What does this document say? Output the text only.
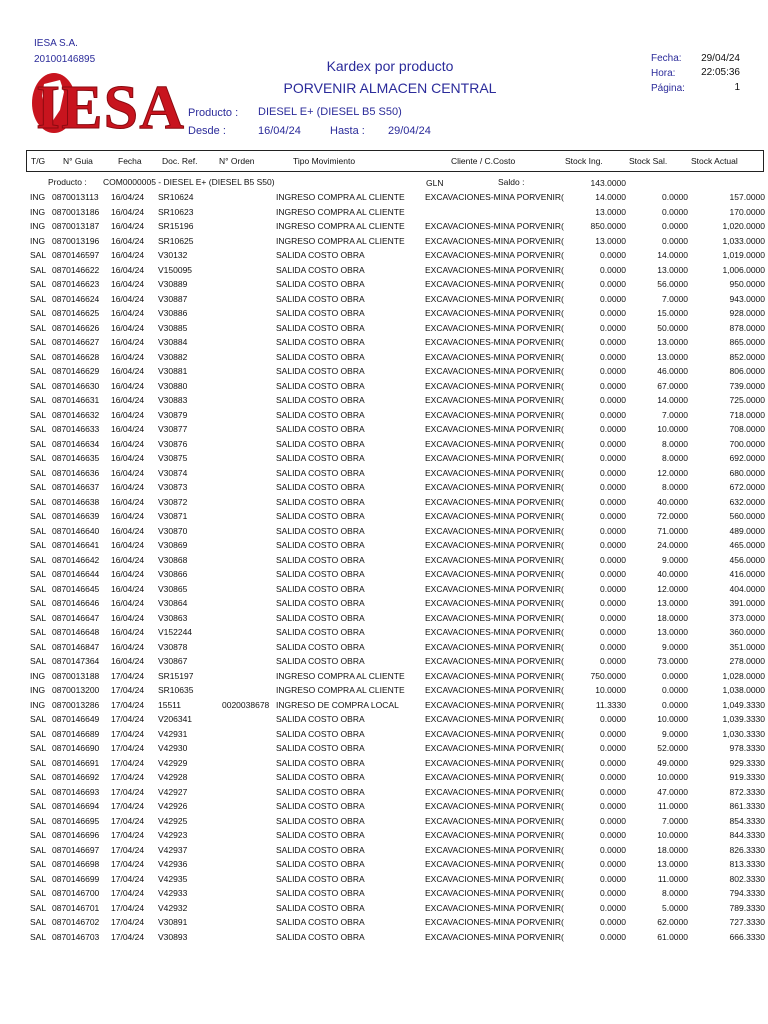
IESA S.A.
20100146895
IESA
Kardex por producto
PORVENIR ALMACEN CENTRAL
Producto : DIESEL E+ (DIESEL B5 S50)
Desde :	16/04/24	Hasta : 29/04/24
Fecha:	29/04/24
Hora:	22:05:36
Página:	1
T/G N° Guia	Fecha Doc. Ref.	N° Orden	Tipo Movimiento	Cliente / C.Costo	Stock Ing.	Stock Sal.	Stock Actual
Producto : COM0000005 - DIESEL E+ (DIESEL B5 S50)	GLN	Saldo :	143.0000
ING 0870013113 16/04/24 SR10624	INGRESO COMPRA AL CLIENTE EXCAVACIONES-MINA PORVENIR(	14.0000	0.0000	157.0000
ING 0870013186 16/04/24 SR10623	INGRESO COMPRA AL CLIENTE	13.0000	0.0000	170.0000
ING 0870013187 16/04/24 SR15196	INGRESO COMPRA AL CLIENTE EXCAVACIONES-MINA PORVENIR(	850.0000	0.0000	1,020.0000
ING 0870013196 16/04/24 SR10625	INGRESO COMPRA AL CLIENTE EXCAVACIONES-MINA PORVENIR(	13.0000	0.0000	1,033.0000
SAL 0870146597 16/04/24 V30132	SALIDA COSTO OBRA	EXCAVACIONES-MINA PORVENIR(	0.0000	14.0000	1,019.0000
SAL 0870146622 16/04/24 V150095	SALIDA COSTO OBRA	EXCAVACIONES-MINA PORVENIR(	0.0000	13.0000	1,006.0000
SAL 0870146623 16/04/24 V30889	SALIDA COSTO OBRA	EXCAVACIONES-MINA PORVENIR(	0.0000	56.0000	950.0000
SAL 0870146624 16/04/24 V30887	SALIDA COSTO OBRA	EXCAVACIONES-MINA PORVENIR(	0.0000	7.0000	943.0000
SAL 0870146625 16/04/24 V30886	SALIDA COSTO OBRA	EXCAVACIONES-MINA PORVENIR(	0.0000	15.0000	928.0000
SAL 0870146626 16/04/24 V30885	SALIDA COSTO OBRA	EXCAVACIONES-MINA PORVENIR(	0.0000	50.0000	878.0000
SAL 0870146627 16/04/24 V30884	SALIDA COSTO OBRA	EXCAVACIONES-MINA PORVENIR(	0.0000	13.0000	865.0000
SAL 0870146628 16/04/24 V30882	SALIDA COSTO OBRA	EXCAVACIONES-MINA PORVENIR(	0.0000	13.0000	852.0000
SAL 0870146629 16/04/24 V30881	SALIDA COSTO OBRA	EXCAVACIONES-MINA PORVENIR(	0.0000	46.0000	806.0000
SAL 0870146630 16/04/24 V30880	SALIDA COSTO OBRA	EXCAVACIONES-MINA PORVENIR(	0.0000	67.0000	739.0000
SAL 0870146631 16/04/24 V30883	SALIDA COSTO OBRA	EXCAVACIONES-MINA PORVENIR(	0.0000	14.0000	725.0000
SAL 0870146632 16/04/24 V30879	SALIDA COSTO OBRA	EXCAVACIONES-MINA PORVENIR(	0.0000	7.0000	718.0000
SAL 0870146633 16/04/24 V30877	SALIDA COSTO OBRA	EXCAVACIONES-MINA PORVENIR(	0.0000	10.0000	708.0000
SAL 0870146634 16/04/24 V30876	SALIDA COSTO OBRA	EXCAVACIONES-MINA PORVENIR(	0.0000	8.0000	700.0000
SAL 0870146635 16/04/24 V30875	SALIDA COSTO OBRA	EXCAVACIONES-MINA PORVENIR(	0.0000	8.0000	692.0000
SAL 0870146636 16/04/24 V30874	SALIDA COSTO OBRA	EXCAVACIONES-MINA PORVENIR(	0.0000	12.0000	680.0000
SAL 0870146637 16/04/24 V30873	SALIDA COSTO OBRA	EXCAVACIONES-MINA PORVENIR(	0.0000	8.0000	672.0000
SAL 0870146638 16/04/24 V30872	SALIDA COSTO OBRA	EXCAVACIONES-MINA PORVENIR(	0.0000	40.0000	632.0000
SAL 0870146639 16/04/24 V30871	SALIDA COSTO OBRA	EXCAVACIONES-MINA PORVENIR(	0.0000	72.0000	560.0000
SAL 0870146640 16/04/24 V30870	SALIDA COSTO OBRA	EXCAVACIONES-MINA PORVENIR(	0.0000	71.0000	489.0000
SAL 0870146641 16/04/24 V30869	SALIDA COSTO OBRA	EXCAVACIONES-MINA PORVENIR(	0.0000	24.0000	465.0000
SAL 0870146642 16/04/24 V30868	SALIDA COSTO OBRA	EXCAVACIONES-MINA PORVENIR(	0.0000	9.0000	456.0000
SAL 0870146644 16/04/24 V30866	SALIDA COSTO OBRA	EXCAVACIONES-MINA PORVENIR(	0.0000	40.0000	416.0000
SAL 0870146645 16/04/24 V30865	SALIDA COSTO OBRA	EXCAVACIONES-MINA PORVENIR(	0.0000	12.0000	404.0000
SAL 0870146646 16/04/24 V30864	SALIDA COSTO OBRA	EXCAVACIONES-MINA PORVENIR(	0.0000	13.0000	391.0000
SAL 0870146647 16/04/24 V30863	SALIDA COSTO OBRA	EXCAVACIONES-MINA PORVENIR(	0.0000	18.0000	373.0000
SAL 0870146648 16/04/24 V152244	SALIDA COSTO OBRA	EXCAVACIONES-MINA PORVENIR(	0.0000	13.0000	360.0000
SAL 0870146847 16/04/24 V30878	SALIDA COSTO OBRA	EXCAVACIONES-MINA PORVENIR(	0.0000	9.0000	351.0000
SAL 0870147364 16/04/24 V30867	SALIDA COSTO OBRA	EXCAVACIONES-MINA PORVENIR(	0.0000	73.0000	278.0000
ING 0870013188 17/04/24 SR15197	INGRESO COMPRA AL CLIENTE EXCAVACIONES-MINA PORVENIR(	750.0000	0.0000	1,028.0000
ING 0870013200 17/04/24 SR10635	INGRESO COMPRA AL CLIENTE EXCAVACIONES-MINA PORVENIR(	10.0000	0.0000	1,038.0000
ING 0870013286 17/04/24 15511	0020038678 INGRESO DE COMPRA LOCAL	EXCAVACIONES-MINA PORVENIR(	11.3330	0.0000	1,049.3330
SAL 0870146649 17/04/24 V206341	SALIDA COSTO OBRA	EXCAVACIONES-MINA PORVENIR(	0.0000	10.0000	1,039.3330
SAL 0870146689 17/04/24 V42931	SALIDA COSTO OBRA	EXCAVACIONES-MINA PORVENIR(	0.0000	9.0000	1,030.3330
SAL 0870146690 17/04/24 V42930	SALIDA COSTO OBRA	EXCAVACIONES-MINA PORVENIR(	0.0000	52.0000	978.3330
SAL 0870146691 17/04/24 V42929	SALIDA COSTO OBRA	EXCAVACIONES-MINA PORVENIR(	0.0000	49.0000	929.3330
SAL 0870146692 17/04/24 V42928	SALIDA COSTO OBRA	EXCAVACIONES-MINA PORVENIR(	0.0000	10.0000	919.3330
SAL 0870146693 17/04/24 V42927	SALIDA COSTO OBRA	EXCAVACIONES-MINA PORVENIR(	0.0000	47.0000	872.3330
SAL 0870146694 17/04/24 V42926	SALIDA COSTO OBRA	EXCAVACIONES-MINA PORVENIR(	0.0000	11.0000	861.3330
SAL 0870146695 17/04/24 V42925	SALIDA COSTO OBRA	EXCAVACIONES-MINA PORVENIR(	0.0000	7.0000	854.3330
SAL 0870146696 17/04/24 V42923	SALIDA COSTO OBRA	EXCAVACIONES-MINA PORVENIR(	0.0000	10.0000	844.3330
SAL 0870146697 17/04/24 V42937	SALIDA COSTO OBRA	EXCAVACIONES-MINA PORVENIR(	0.0000	18.0000	826.3330
SAL 0870146698 17/04/24 V42936	SALIDA COSTO OBRA	EXCAVACIONES-MINA PORVENIR(	0.0000	13.0000	813.3330
SAL 0870146699 17/04/24 V42935	SALIDA COSTO OBRA	EXCAVACIONES-MINA PORVENIR(	0.0000	11.0000	802.3330
SAL 0870146700 17/04/24 V42933	SALIDA COSTO OBRA	EXCAVACIONES-MINA PORVENIR(	0.0000	8.0000	794.3330
SAL 0870146701 17/04/24 V42932	SALIDA COSTO OBRA	EXCAVACIONES-MINA PORVENIR(	0.0000	5.0000	789.3330
SAL 0870146702 17/04/24 V30891	SALIDA COSTO OBRA	EXCAVACIONES-MINA PORVENIR(	0.0000	62.0000	727.3330
SAL 0870146703 17/04/24 V30893	SALIDA COSTO OBRA	EXCAVACIONES-MINA PORVENIR(	0.0000	61.0000	666.3330
